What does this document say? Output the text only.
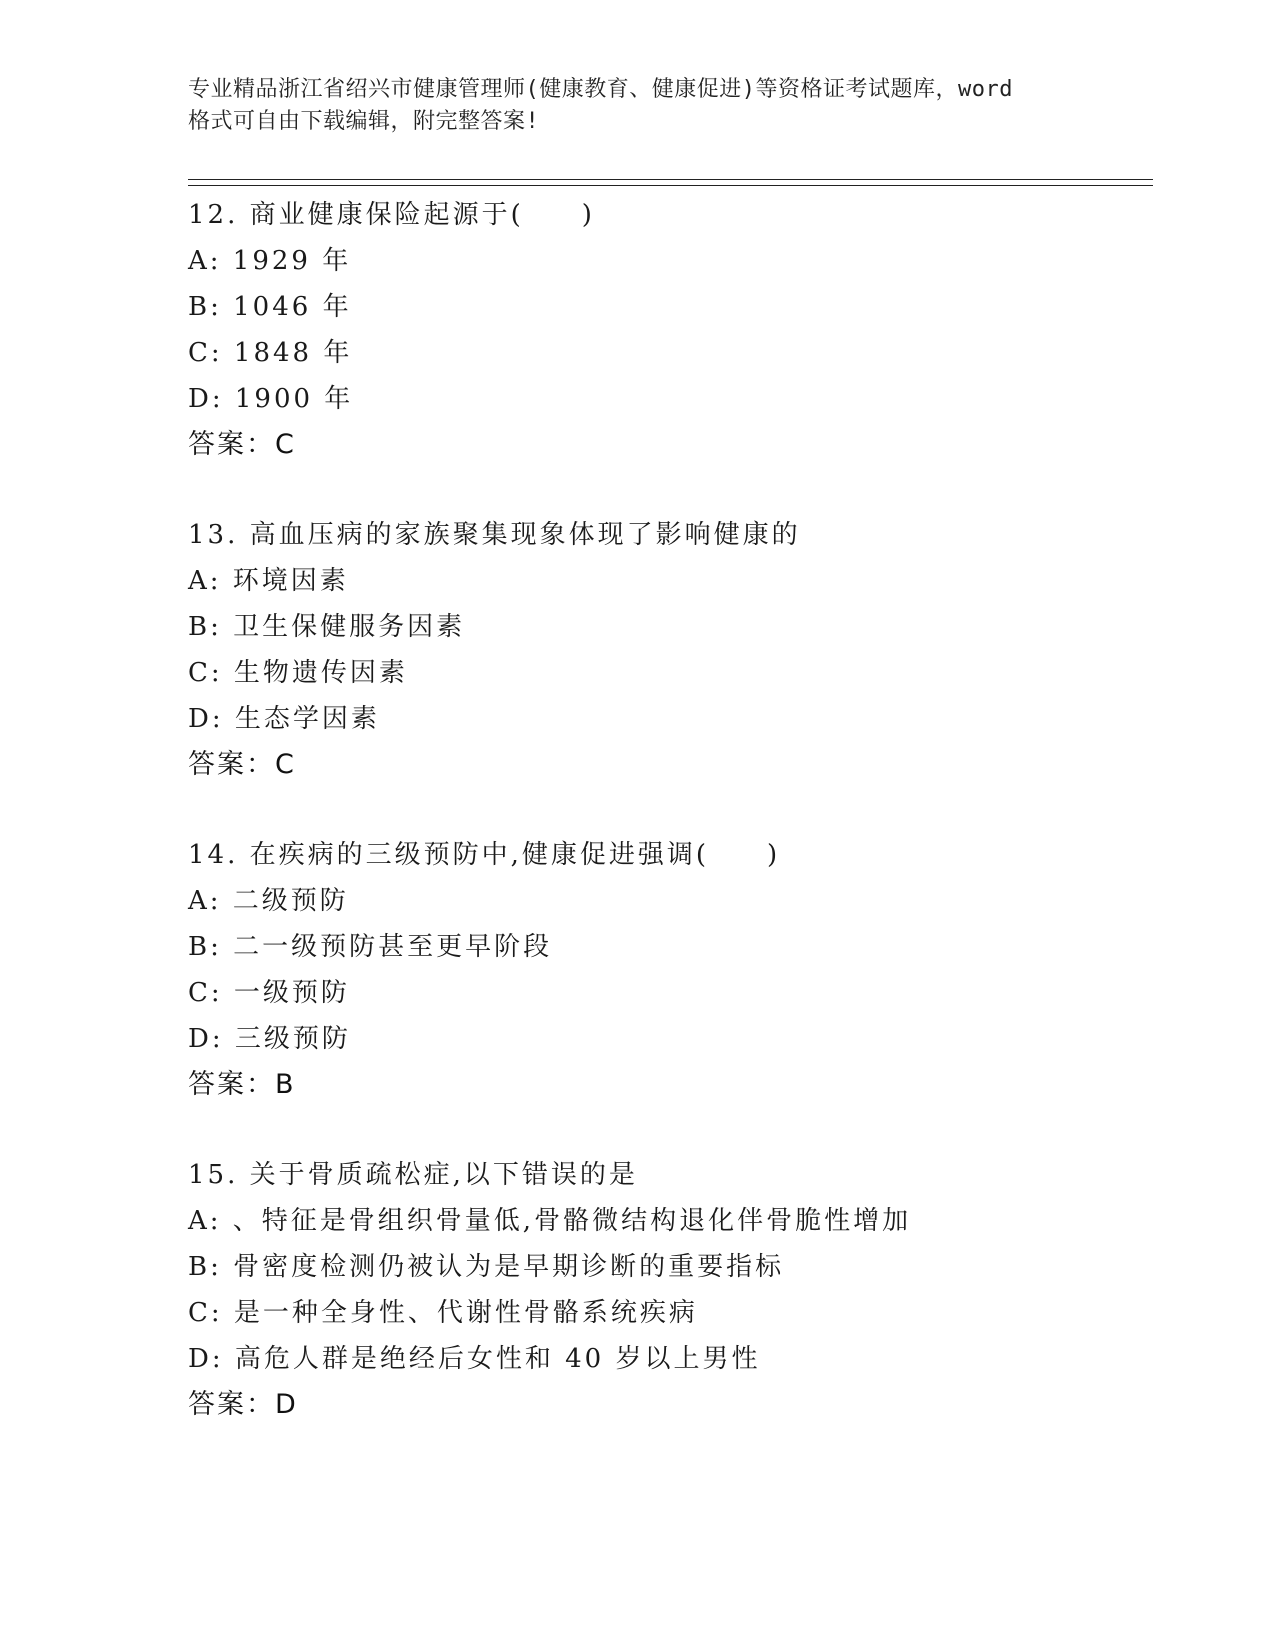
专业精品浙江省绍兴市健康管理师(健康教育、健康促进)等资格证考试题库，word
格式可自由下载编辑，附完整答案!
12. 商业健康保险起源于(　　)
A: 1929 年
B: 1046 年
C: 1848 年
D: 1900 年
答案：C
13. 高血压病的家族聚集现象体现了影响健康的
A: 环境因素
B: 卫生保健服务因素
C: 生物遗传因素
D: 生态学因素
答案：C
14. 在疾病的三级预防中,健康促进强调(　　)
A: 二级预防
B: 二一级预防甚至更早阶段
C: 一级预防
D: 三级预防
答案：B
15. 关于骨质疏松症,以下错误的是
A: 、特征是骨组织骨量低,骨骼微结构退化伴骨脆性增加
B: 骨密度检测仍被认为是早期诊断的重要指标
C: 是一种全身性、代谢性骨骼系统疾病
D: 高危人群是绝经后女性和 40 岁以上男性
答案：D
